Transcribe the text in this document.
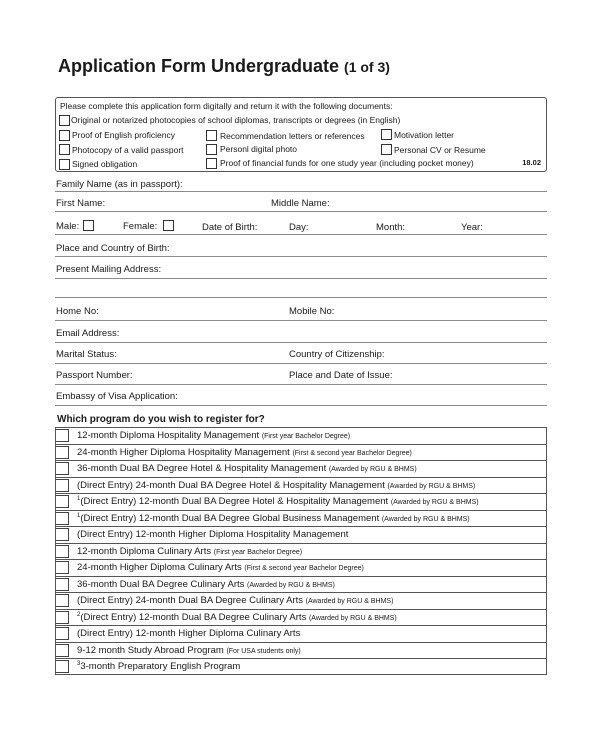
Application Form Undergraduate (1 of 3)
Please complete this application form digitally and return it with the following documents:
Original or notarized photocopies of school diplomas, transcripts or degrees (in English)
Proof of English proficiency	Recommendation letters or references	Motivation letter
Photocopy of a valid passport	Personl digital photo	Personal CV or Resume
Signed obligation	Proof of financial funds for one study year (including pocket money)	18.02
Family Name (as in passport):
First Name:	Middle Name:
Male:	Female:	Date of Birth:	Day:	Month:	Year:
Place and Country of Birth:
Present Mailing Address:
Home No:	Mobile No:
Email Address:
Marital Status:	Country of Citizenship:
Passport Number:	Place and Date of Issue:
Embassy of Visa Application:
Which program do you wish to register for?
12-month Diploma Hospitality Management (First year Bachelor Degree)
24-month Higher Diploma Hospitality Management (First & second year Bachelor Degree)
36-month Dual BA Degree Hotel & Hospitality Management (Awarded by RGU & BHMS)
(Direct Entry) 24-month Dual BA Degree Hotel & Hospitality Management (Awarded by RGU & BHMS)
$^1$(Direct Entry) 12-month Dual BA Degree Hotel & Hospitality Management (Awarded by RGU & BHMS)
$^1$(Direct Entry) 12-month Dual BA Degree Global Business Management (Awarded by RGU & BHMS)
(Direct Entry) 12-month Higher Diploma Hospitality Management
12-month Diploma Culinary Arts (First year Bachelor Degree)
24-month Higher Diploma Culinary Arts (First & second year Bachelor Degree)
36-month Dual BA Degree Culinary Arts (Awarded by RGU & BHMS)
(Direct Entry) 24-month Dual BA Degree Culinary Arts (Awarded by RGU & BHMS)
$^2$(Direct Entry) 12-month Dual BA Degree Culinary Arts (Awarded by RGU & BHMS)
(Direct Entry) 12-month Higher Diploma Culinary Arts
9-12 month Study Abroad Program (For USA students only)
$^3$3-month Preparatory English Program
